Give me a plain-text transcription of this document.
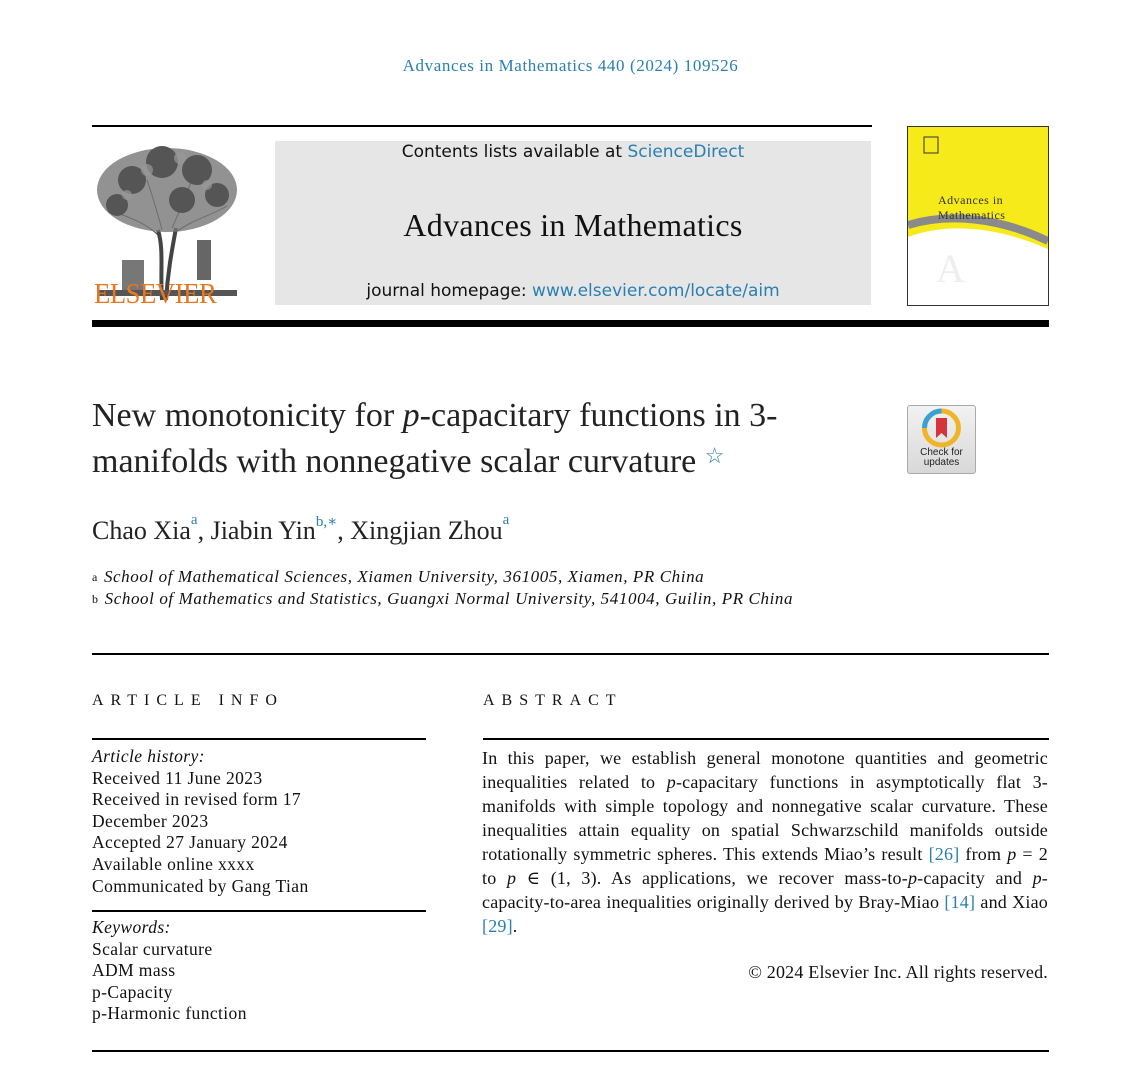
Advances in Mathematics 440 (2024) 109526
ELSEVIER
Contents lists available at ScienceDirect
Advances in Mathematics
journal homepage: www.elsevier.com/locate/aim	A
Advances in Mathematics
New monotonicity for p-capacitary functions in 3-manifolds with nonnegative scalar curvature ☆	Check for
updates
Chao Xia$^a$, Jiabin Yin$^{b,∗}$, Xingjian Zhou$^a$
$^a$ School of Mathematical Sciences, Xiamen University, 361005, Xiamen, PR China
$^b$ School of Mathematics and Statistics, Guangxi Normal University, 541004, Guilin, PR China
ARTICLE INFO	ABSTRACT
Article history:
Received 11 June 2023
Received in revised form 17 December 2023
Accepted 27 January 2024
Available online xxxx
Communicated by Gang Tian
Keywords:
Scalar curvature
ADM mass
p-Capacity
p-Harmonic function
In this paper, we establish general monotone quantities and geometric inequalities related to p-capacitary functions in asymptotically flat 3-manifolds with simple topology and nonnegative scalar curvature. These inequalities attain equality on spatial Schwarzschild manifolds outside rotationally symmetric spheres. This extends Miao’s result [26] from p = 2 to p ∈ (1, 3). As applications, we recover mass-to-p-capacity and p-capacity-to-area inequalities originally derived by Bray-Miao [14] and Xiao [29].
© 2024 Elsevier Inc. All rights reserved.
